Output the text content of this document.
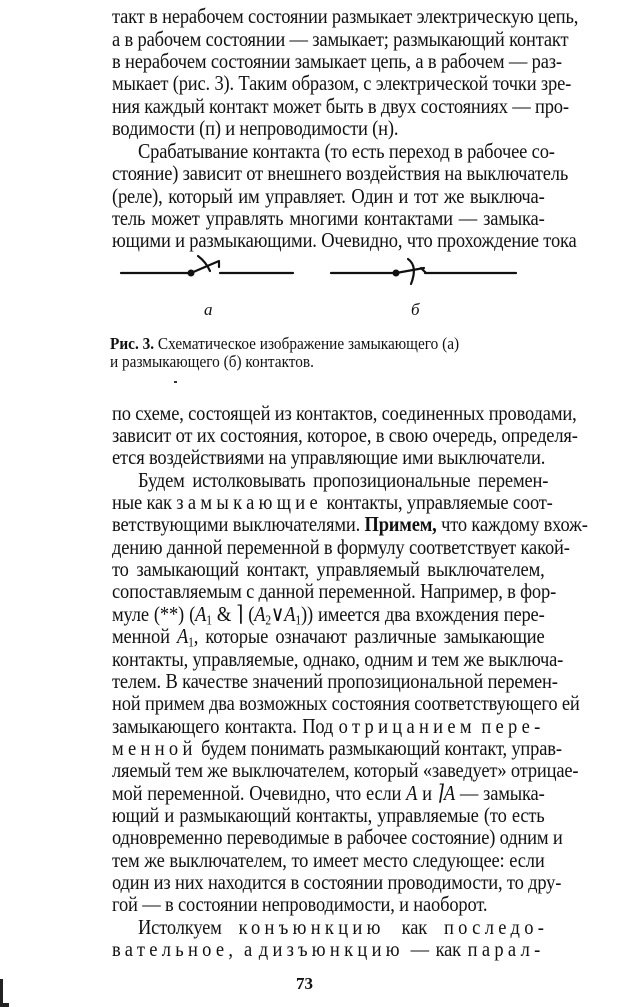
такт в нерабочем состоянии размыкает электрическую цепь,
а в рабочем состоянии — замыкает; размыкающий контакт
в нерабочем состоянии замыкает цепь, а в рабочем — раз-
мыкает (рис. 3). Таким образом, с электрической точки зре-
ния каждый контакт может быть в двух состояниях — про-
водимости (п) и непроводимости (н).
Срабатывание контакта (то есть переход в рабочее со-
стояние) зависит от внешнего воздействия на выключатель
(реле), который им управляет. Один и тот же выключа-
тель может управлять многими контактами — замыка-
ющими и размыкающими. Очевидно, что прохождение тока
а	б
Рис. 3. Схематическое изображение замыкающего (а)
и размыкающего (б) контактов.
по схеме, состоящей из контактов, соединенных проводами,
зависит от их состояния, которое, в свою очередь, определя-
ется воздействиями на управляющие ими выключатели.
Будем истолковывать пропозициональные перемен-
ные как замыкающие контакты, управляемые соот-
ветствующими выключателями. Примем, что каждому вхож-
дению данной переменной в формулу соответствует какой-
то замыкающий контакт, управляемый выключателем,
сопоставляемым с данной переменной. Например, в фор-
муле (**) ($A_1$ & ⌉ $(A_2\vee A_1)$) имеется два вхождения пере-
менной $A_1$, которые означают различные замыкающие
контакты, управляемые, однако, одним и тем же выключа-
телем. В качестве значений пропозициональной перемен-
ной примем два возможных состояния соответствующего ей
замыкающего контакта. Под отрицанием пере-
менной будем понимать размыкающий контакт, управ-
ляемый тем же выключателем, который «заведует» отрицае-
мой переменной. Очевидно, что если A и ⌉A — замыка-
ющий и размыкающий контакты, управляемые (то есть
одновременно переводимые в рабочее состояние) одним и
тем же выключателем, то имеет место следующее: если
один из них находится в состоянии проводимости, то дру-
гой — в состоянии непроводимости, и наоборот.
Истолкуем конъюнкцию как последо-
вательное, а дизъюнкцию — как парал-
73
